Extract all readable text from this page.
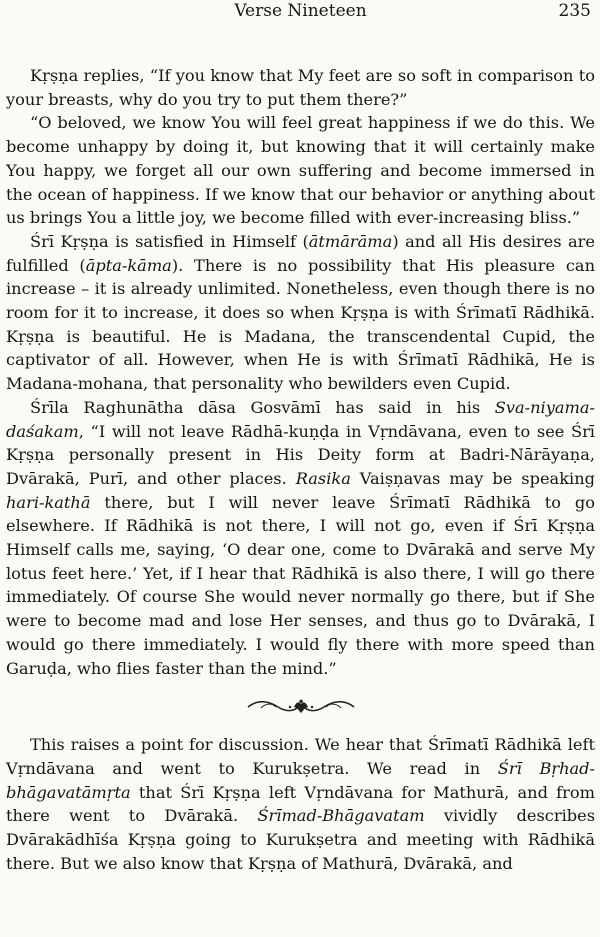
Verse Nineteen	235

Kṛṣṇa replies, “If you know that My feet are so soft in comparison to your breasts, why do you try to put them there?”

“O beloved, we know You will feel great happiness if we do this. We become unhappy by doing it, but knowing that it will certainly make You happy, we forget all our own suffering and become immersed in the ocean of happiness. If we know that our behavior or anything about us brings You a little joy, we become filled with ever-increasing bliss.”

Śrī Kṛṣṇa is satisfied in Himself (ātmārāma) and all His desires are fulfilled (āpta-kāma). There is no possibility that His pleasure can increase – it is already unlimited. Nonetheless, even though there is no room for it to increase, it does so when Kṛṣṇa is with Śrīmatī Rādhikā. Kṛṣṇa is beautiful. He is Madana, the transcendental Cupid, the captivator of all. However, when He is with Śrīmatī Rādhikā, He is Madana-mohana, that personality who bewilders even Cupid.

Śrīla Raghunātha dāsa Gosvāmī has said in his Sva-niyama-daśakam, “I will not leave Rādhā-kuṇḍa in Vṛndāvana, even to see Śrī Kṛṣṇa personally present in His Deity form at Badri-Nārāyaṇa, Dvārakā, Purī, and other places. Rasika Vaiṣṇavas may be speaking hari-kathā there, but I will never leave Śrīmatī Rādhikā to go elsewhere. If Rādhikā is not there, I will not go, even if Śrī Kṛṣṇa Himself calls me, saying, ‘O dear one, come to Dvārakā and serve My lotus feet here.’ Yet, if I hear that Rādhikā is also there, I will go there immediately. Of course She would never normally go there, but if She were to become mad and lose Her senses, and thus go to Dvārakā, I would go there immediately. I would fly there with more speed than Garuḍa, who flies faster than the mind.”

This raises a point for discussion. We hear that Śrīmatī Rādhikā left Vṛndāvana and went to Kurukṣetra. We read in Śrī Bṛhad-bhāgavatāmṛta that Śrī Kṛṣṇa left Vṛndāvana for Mathurā, and from there went to Dvārakā. Śrīmad-Bhāgavatam vividly describes Dvārakādhīśa Kṛṣṇa going to Kurukṣetra and meeting with Rādhikā there. But we also know that Kṛṣṇa of Mathurā, Dvārakā, and
